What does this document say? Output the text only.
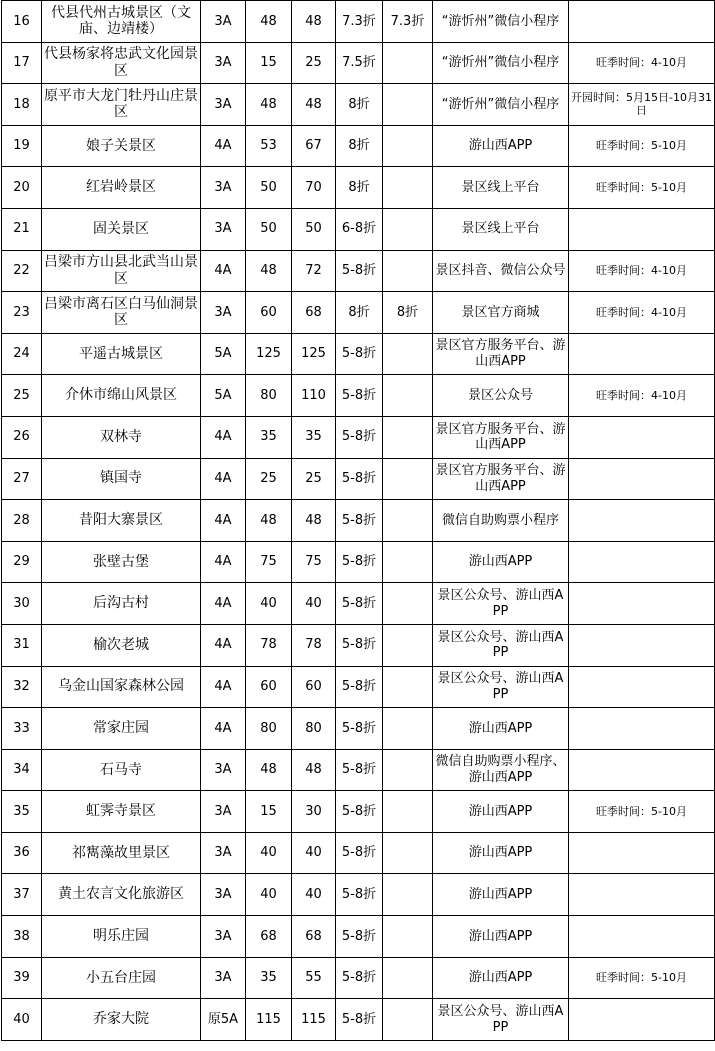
16	代县代州古城景区（文庙、边靖楼）	3A	48	48	7.3折	7.3折	“游忻州”微信小程序	
17	代县杨家将忠武文化园景区	3A	15	25	7.5折		“游忻州”微信小程序	旺季时间：4-10月
18	原平市大龙门牡丹山庄景区	3A	48	48	8折		“游忻州”微信小程序	开园时间：5月15日-10月31日
19	娘子关景区	4A	53	67	8折		游山西APP	旺季时间：5-10月
20	红岩岭景区	3A	50	70	8折		景区线上平台	旺季时间：5-10月
21	固关景区	3A	50	50	6-8折		景区线上平台	
22	吕梁市方山县北武当山景区	4A	48	72	5-8折		景区抖音、微信公众号	旺季时间：4-10月
23	吕梁市离石区白马仙洞景区	3A	60	68	8折	8折	景区官方商城	旺季时间：4-10月
24	平遥古城景区	5A	125	125	5-8折		景区官方服务平台、游山西APP	
25	介休市绵山风景区	5A	80	110	5-8折		景区公众号	旺季时间：4-10月
26	双林寺	4A	35	35	5-8折		景区官方服务平台、游山西APP	
27	镇国寺	4A	25	25	5-8折		景区官方服务平台、游山西APP	
28	昔阳大寨景区	4A	48	48	5-8折		微信自助购票小程序	
29	张壁古堡	4A	75	75	5-8折		游山西APP	
30	后沟古村	4A	40	40	5-8折		景区公众号、游山西APP	
31	榆次老城	4A	78	78	5-8折		景区公众号、游山西APP	
32	乌金山国家森林公园	4A	60	60	5-8折		景区公众号、游山西APP	
33	常家庄园	4A	80	80	5-8折		游山西APP	
34	石马寺	3A	48	48	5-8折		微信自助购票小程序、游山西APP	
35	虹霁寺景区	3A	15	30	5-8折		游山西APP	旺季时间：5-10月
36	祁寯藻故里景区	3A	40	40	5-8折		游山西APP	
37	黄土农言文化旅游区	3A	40	40	5-8折		游山西APP	
38	明乐庄园	3A	68	68	5-8折		游山西APP	
39	小五台庄园	3A	35	55	5-8折		游山西APP	旺季时间：5-10月
40	乔家大院	原5A	115	115	5-8折		景区公众号、游山西APP	
